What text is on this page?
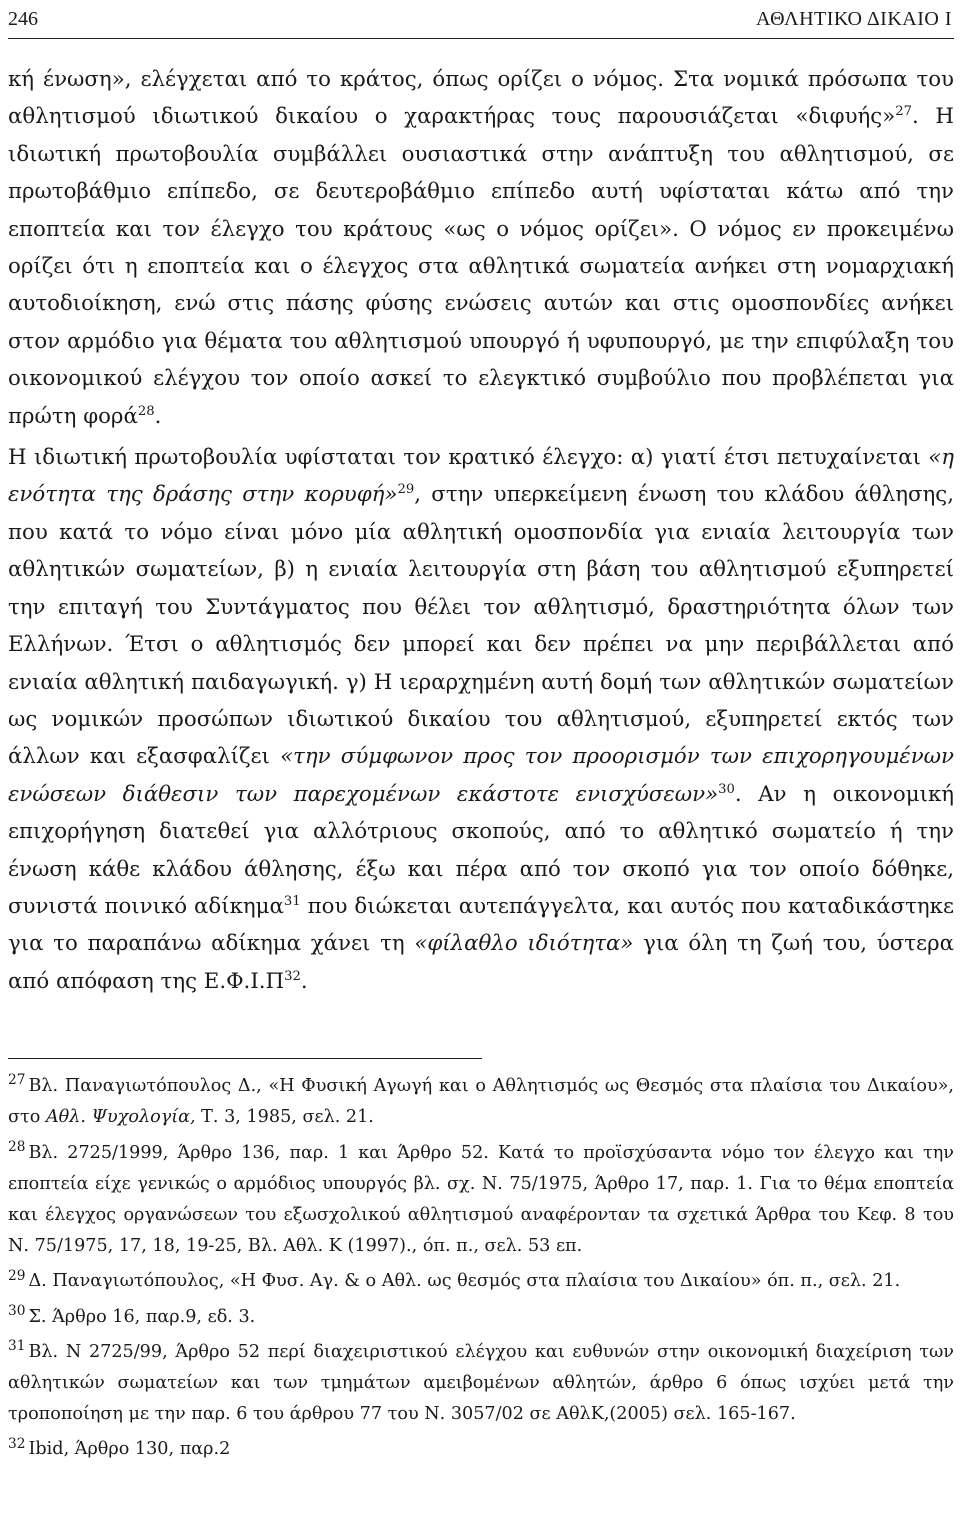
246	ΑΘΛΗΤΙΚΟ ΔΙΚΑΙΟ Ι

κή ένωση», ελέγχεται από το κράτος, όπως ορίζει ο νόμος. Στα νομικά πρόσωπα του αθλητισμού ιδιωτικού δικαίου ο χαρακτήρας τους παρουσιάζεται «διφυής»$^{27}$. Η ιδιωτική πρωτοβουλία συμβάλλει ουσιαστικά στην ανάπτυξη του αθλητισμού, σε πρωτοβάθμιο επίπεδο, σε δευτεροβάθμιο επίπεδο αυτή υφίσταται κάτω από την εποπτεία και τον έλεγχο του κράτους «ως ο νόμος ορίζει». Ο νόμος εν προκειμένω ορίζει ότι η εποπτεία και ο έλεγχος στα αθλητικά σωματεία ανήκει στη νομαρχιακή αυτοδιοίκηση, ενώ στις πάσης φύσης ενώσεις αυτών και στις ομοσπονδίες ανήκει στον αρμόδιο για θέματα του αθλητισμού υπουργό ή υφυπουργό, με την επιφύλαξη του οικονομικού ελέγχου τον οποίο ασκεί το ελεγκτικό συμβούλιο που προβλέπεται για πρώτη φορά$^{28}$.

Η ιδιωτική πρωτοβουλία υφίσταται τον κρατικό έλεγχο: α) γιατί έτσι πετυχαίνεται «η ενότητα της δράσης στην κορυφή»$^{29}$, στην υπερκείμενη ένωση του κλάδου άθλησης, που κατά το νόμο είναι μόνο μία αθλητική ομοσπονδία για ενιαία λειτουργία των αθλητικών σωματείων, β) η ενιαία λειτουργία στη βάση του αθλητισμού εξυπηρετεί την επιταγή του Συντάγματος που θέλει τον αθλητισμό, δραστηριότητα όλων των Ελλήνων. Έτσι ο αθλητισμός δεν μπορεί και δεν πρέπει να μην περιβάλλεται από ενιαία αθλητική παιδαγωγική. γ) Η ιεραρχημένη αυτή δομή των αθλητικών σωματείων ως νομικών προσώπων ιδιωτικού δικαίου του αθλητισμού, εξυπηρετεί εκτός των άλλων και εξασφαλίζει «την σύμφωνον προς τον προορισμόν των επιχορηγουμένων ενώσεων διάθεσιν των παρεχομένων εκάστοτε ενισχύσεων»$^{30}$. Αν η οικονομική επιχορήγηση διατεθεί για αλλότριους σκοπούς, από το αθλητικό σωματείο ή την ένωση κάθε κλάδου άθλησης, έξω και πέρα από τον σκοπό για τον οποίο δόθηκε, συνιστά ποινικό αδίκημα$^{31}$ που διώκεται αυτεπάγγελτα, και αυτός που καταδικάστηκε για το παραπάνω αδίκημα χάνει τη «φίλαθλο ιδιότητα» για όλη τη ζωή του, ύστερα από απόφαση της $E.\Phi.I.\Pi^{32}$.

$^{27}$ Βλ. Παναγιωτόπουλος Δ., «Η Φυσική Αγωγή και ο Αθλητισμός ως Θεσμός στα πλαίσια του Δικαίου», στο Αθλ. Ψυχολογία, Τ. 3, 1985, σελ. 21.

$^{28}$ Βλ. 2725/1999, Άρθρο 136, παρ. 1 και Άρθρο 52. Κατά το προϊσχύσαντα νόμο τον έλεγχο και την εποπτεία είχε γενικώς ο αρμόδιος υπουργός βλ. σχ. Ν. 75/1975, Άρθρο 17, παρ. 1. Για το θέμα εποπτεία και έλεγχος οργανώσεων του εξωσχολικού αθλητισμού αναφέρονταν τα σχετικά Άρθρα του Κεφ. 8 του Ν. 75/1975, 17, 18, 19-25, Βλ. Αθλ. Κ (1997)., όπ. π., σελ. 53 επ.

$^{29}$ Δ. Παναγιωτόπουλος, «Η Φυσ. Αγ. & ο Αθλ. ως θεσμός στα πλαίσια του Δικαίου» όπ. π., σελ. 21.

$^{30}$ Σ. Άρθρο 16, παρ.9, εδ. 3.

$^{31}$ Βλ. Ν 2725/99, Άρθρο 52 περί διαχειριστικού ελέγχου και ευθυνών στην οικονομική διαχείριση των αθλητικών σωματείων και των τμημάτων αμειβομένων αθλητών, άρθρο 6 όπως ισχύει μετά την τροποποίηση με την παρ. 6 του άρθρου 77 του Ν. 3057/02 σε ΑθλΚ,(2005) σελ. 165-167.

$^{32}$ Ibid, Άρθρο 130, παρ.2
